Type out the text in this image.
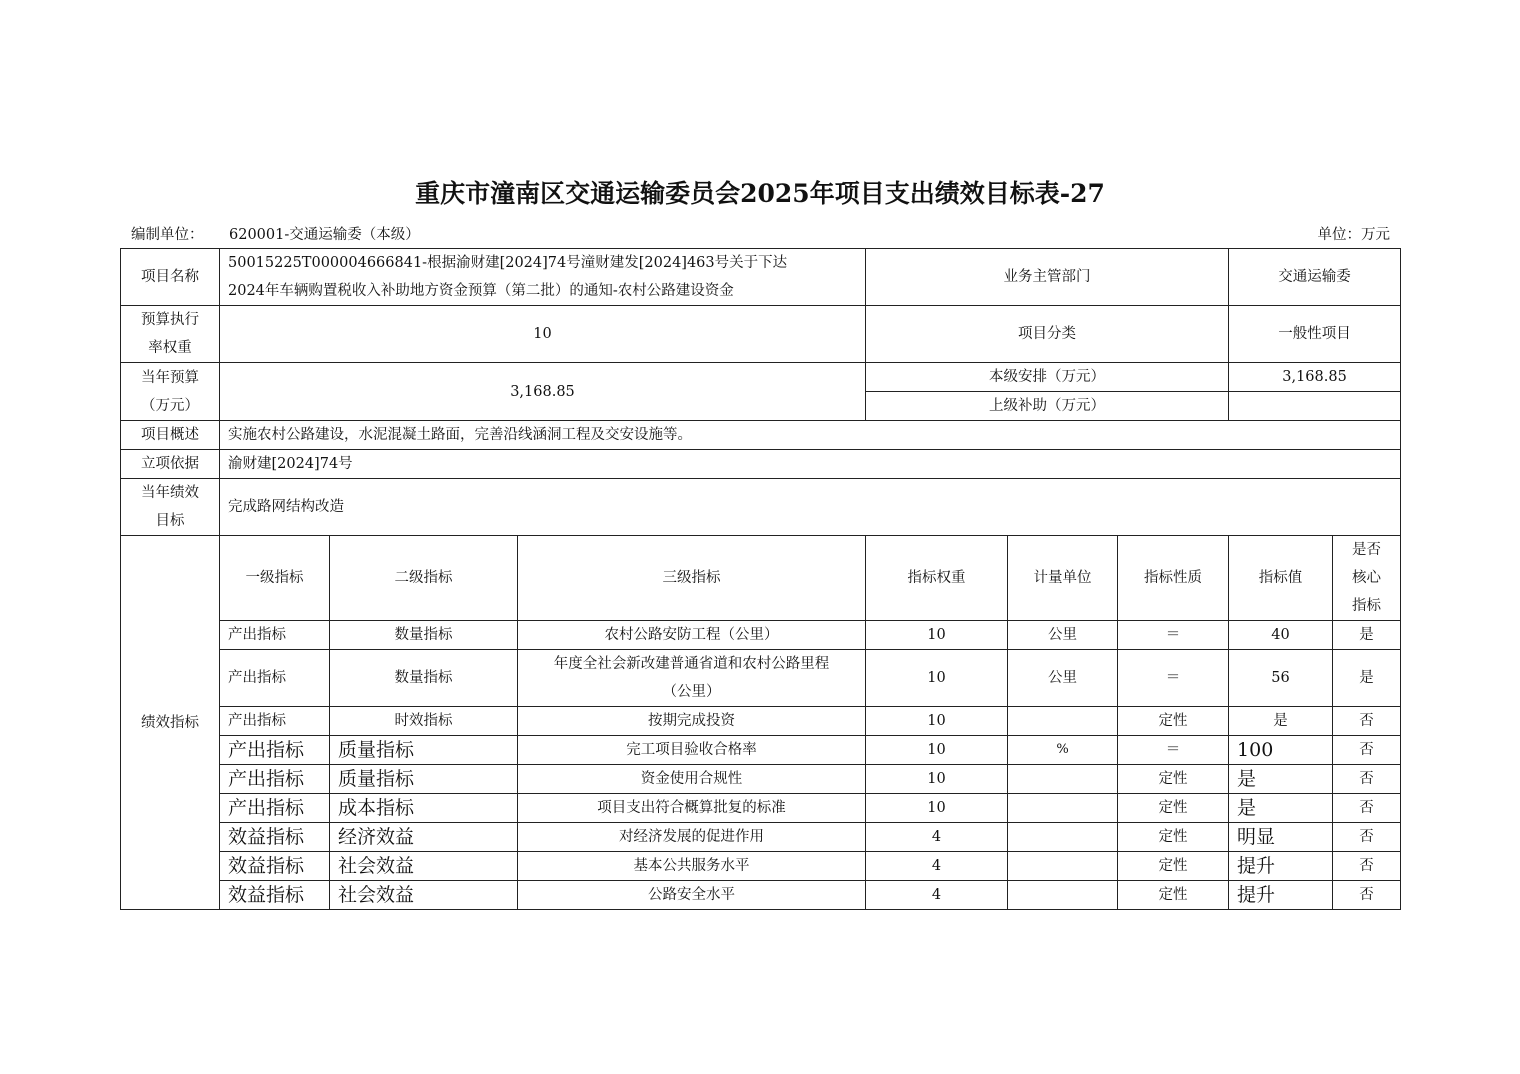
重庆市潼南区交通运输委员会2025年项目支出绩效目标表-27
编制单位： 620001-交通运输委（本级）	单位：万元
项目名称	50015225T000004666841-根据渝财建[2024]74号潼财建发[2024]463号关于下达
2024年车辆购置税收入补助地方资金预算（第二批）的通知-农村公路建设资金			业务主管部门			交通运输委	

预算执行
率权重	10			项目分类			一般性项目	

当年预算
（万元）	3,168.85			本级安排（万元）			3,168.85	
				上级补助（万元）				
项目概述	实施农村公路建设，水泥混凝土路面，完善沿线涵洞工程及交安设施等。							
立项依据	渝财建[2024]74号							

当年绩效
目标	完成路网结构改造							
绩效指标	一级指标	二级指标	三级指标	指标权重	计量单位	指标性质	指标值	是否
核心
指标

	产出指标	数量指标	农村公路安防工程（公里）	10	公里	＝	40	是
	产出指标	数量指标	年度全社会新改建普通省道和农村公路里程
（公里）	10	公里	＝	56	是
	产出指标	时效指标	按期完成投资	10		定性	是	否
	产出指标	质量指标	完工项目验收合格率	10	%	＝	100	否
	产出指标	质量指标	资金使用合规性	10		定性	是	否
	产出指标	成本指标	项目支出符合概算批复的标准	10		定性	是	否
	效益指标	经济效益	对经济发展的促进作用	4		定性	明显	否
	效益指标	社会效益	基本公共服务水平	4		定性	提升	否
	效益指标	社会效益	公路安全水平	4		定性	提升	否
